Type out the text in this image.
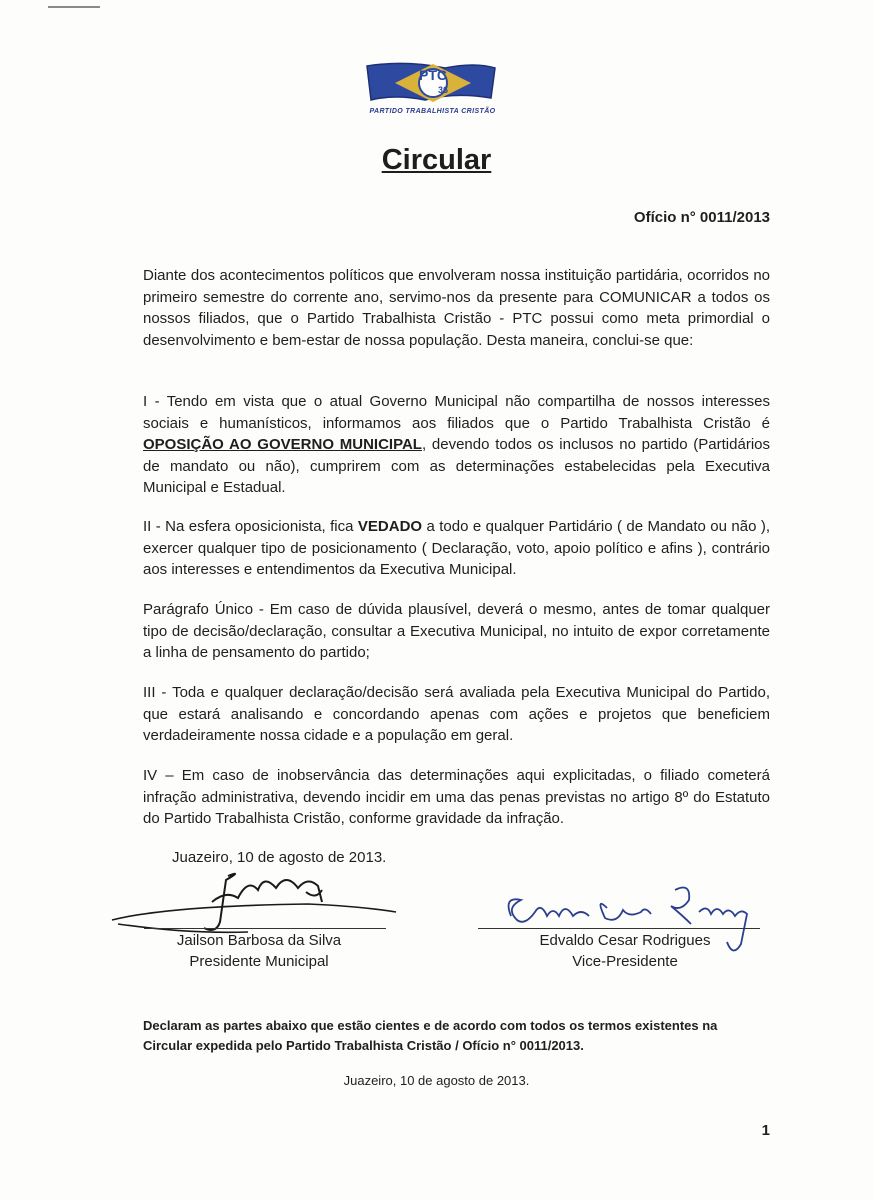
PTC
36
PARTIDO TRABALHISTA CRISTÃO
Circular
Ofício n° 0011/2013

Diante dos acontecimentos políticos que envolveram nossa instituição partidária, ocorridos no primeiro semestre do corrente ano, servimo-nos da presente para COMUNICAR a todos os nossos filiados, que o Partido Trabalhista Cristão - PTC possui como meta primordial o desenvolvimento e bem-estar de nossa população. Desta maneira, conclui-se que:

I - Tendo em vista que o atual Governo Municipal não compartilha de nossos interesses sociais e humanísticos, informamos aos filiados que o Partido Trabalhista Cristão é OPOSIÇÃO AO GOVERNO MUNICIPAL, devendo todos os inclusos no partido (Partidários de mandato ou não), cumprirem com as determinações estabelecidas pela Executiva Municipal e Estadual.

II - Na esfera oposicionista, fica VEDADO a todo e qualquer Partidário ( de Mandato ou não ), exercer qualquer tipo de posicionamento ( Declaração, voto, apoio político e afins ), contrário aos interesses e entendimentos da Executiva Municipal.

Parágrafo Único - Em caso de dúvida plausível, deverá o mesmo, antes de tomar qualquer tipo de decisão/declaração, consultar a Executiva Municipal, no intuito de expor corretamente a linha de pensamento do partido;

III - Toda e qualquer declaração/decisão será avaliada pela Executiva Municipal do Partido, que estará analisando e concordando apenas com ações e projetos que beneficiem verdadeiramente nossa cidade e a população em geral.

IV – Em caso de inobservância das determinações aqui explicitadas, o filiado cometerá infração administrativa, devendo incidir em uma das penas previstas no artigo 8º do Estatuto do Partido Trabalhista Cristão, conforme gravidade da infração.

Juazeiro, 10 de agosto de 2013.
Jailson Barbosa da Silva
Presidente Municipal
Edvaldo Cesar Rodrigues
Vice-Presidente

Declaram as partes abaixo que estão cientes e de acordo com todos os termos existentes na Circular expedida pelo Partido Trabalhista Cristão / Ofício n° 0011/2013.

Juazeiro, 10 de agosto de 2013.
1
